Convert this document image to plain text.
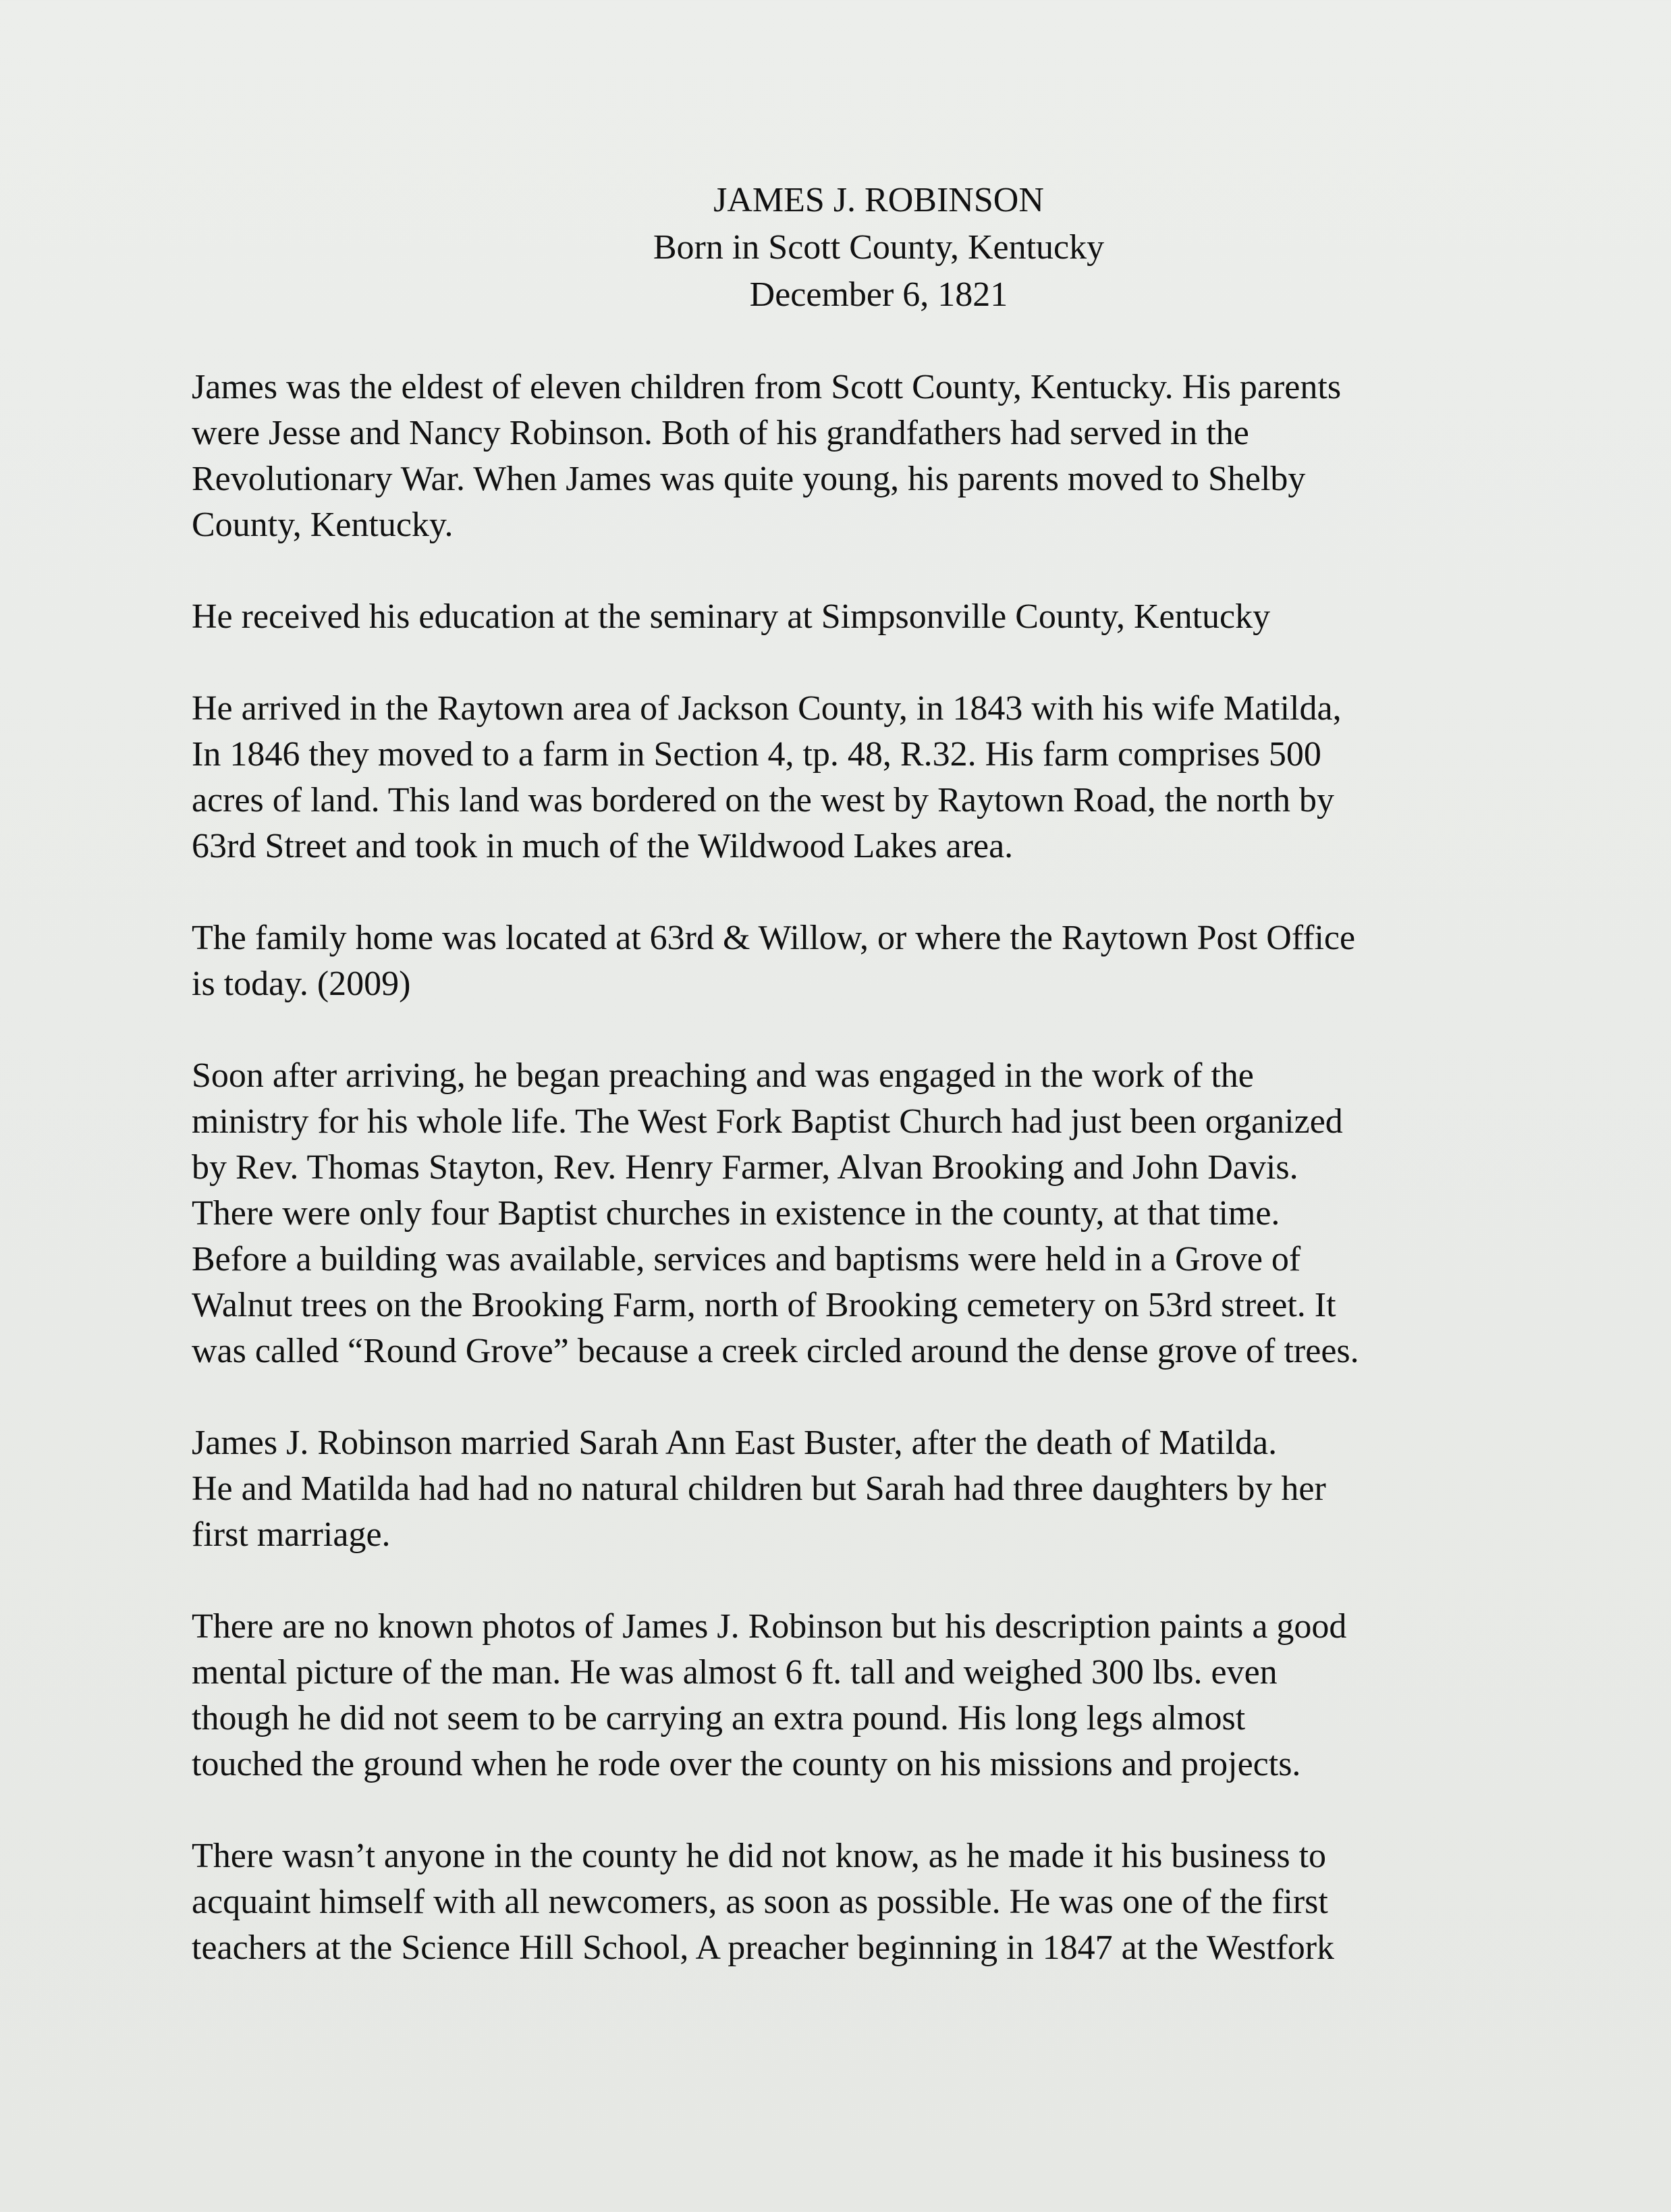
JAMES J. ROBINSON
Born in Scott County, Kentucky
December 6, 1821

James was the eldest of eleven children from Scott County, Kentucky. His parents
were Jesse and Nancy Robinson. Both of his grandfathers had served in the
Revolutionary War. When James was quite young, his parents moved to Shelby
County, Kentucky.

He received his education at the seminary at Simpsonville County, Kentucky

He arrived in the Raytown area of Jackson County, in 1843 with his wife Matilda,
In 1846 they moved to a farm in Section 4, tp. 48, R.32. His farm comprises 500
acres of land. This land was bordered on the west by Raytown Road, the north by
63rd Street and took in much of the Wildwood Lakes area.

The family home was located at 63rd & Willow, or where the Raytown Post Office
is today. (2009)

Soon after arriving, he began preaching and was engaged in the work of the
ministry for his whole life. The West Fork Baptist Church had just been organized
by Rev. Thomas Stayton, Rev. Henry Farmer, Alvan Brooking and John Davis.
There were only four Baptist churches in existence in the county, at that time.
Before a building was available, services and baptisms were held in a Grove of
Walnut trees on the Brooking Farm, north of Brooking cemetery on 53rd street. It
was called “Round Grove” because a creek circled around the dense grove of trees.

James J. Robinson married Sarah Ann East Buster, after the death of Matilda.
He and Matilda had had no natural children but Sarah had three daughters by her
first marriage.

There are no known photos of James J. Robinson but his description paints a good
mental picture of the man. He was almost 6 ft. tall and weighed 300 lbs. even
though he did not seem to be carrying an extra pound. His long legs almost
touched the ground when he rode over the county on his missions and projects.

There wasn’t anyone in the county he did not know, as he made it his business to
acquaint himself with all newcomers, as soon as possible. He was one of the first
teachers at the Science Hill School, A preacher beginning in 1847 at the Westfork
